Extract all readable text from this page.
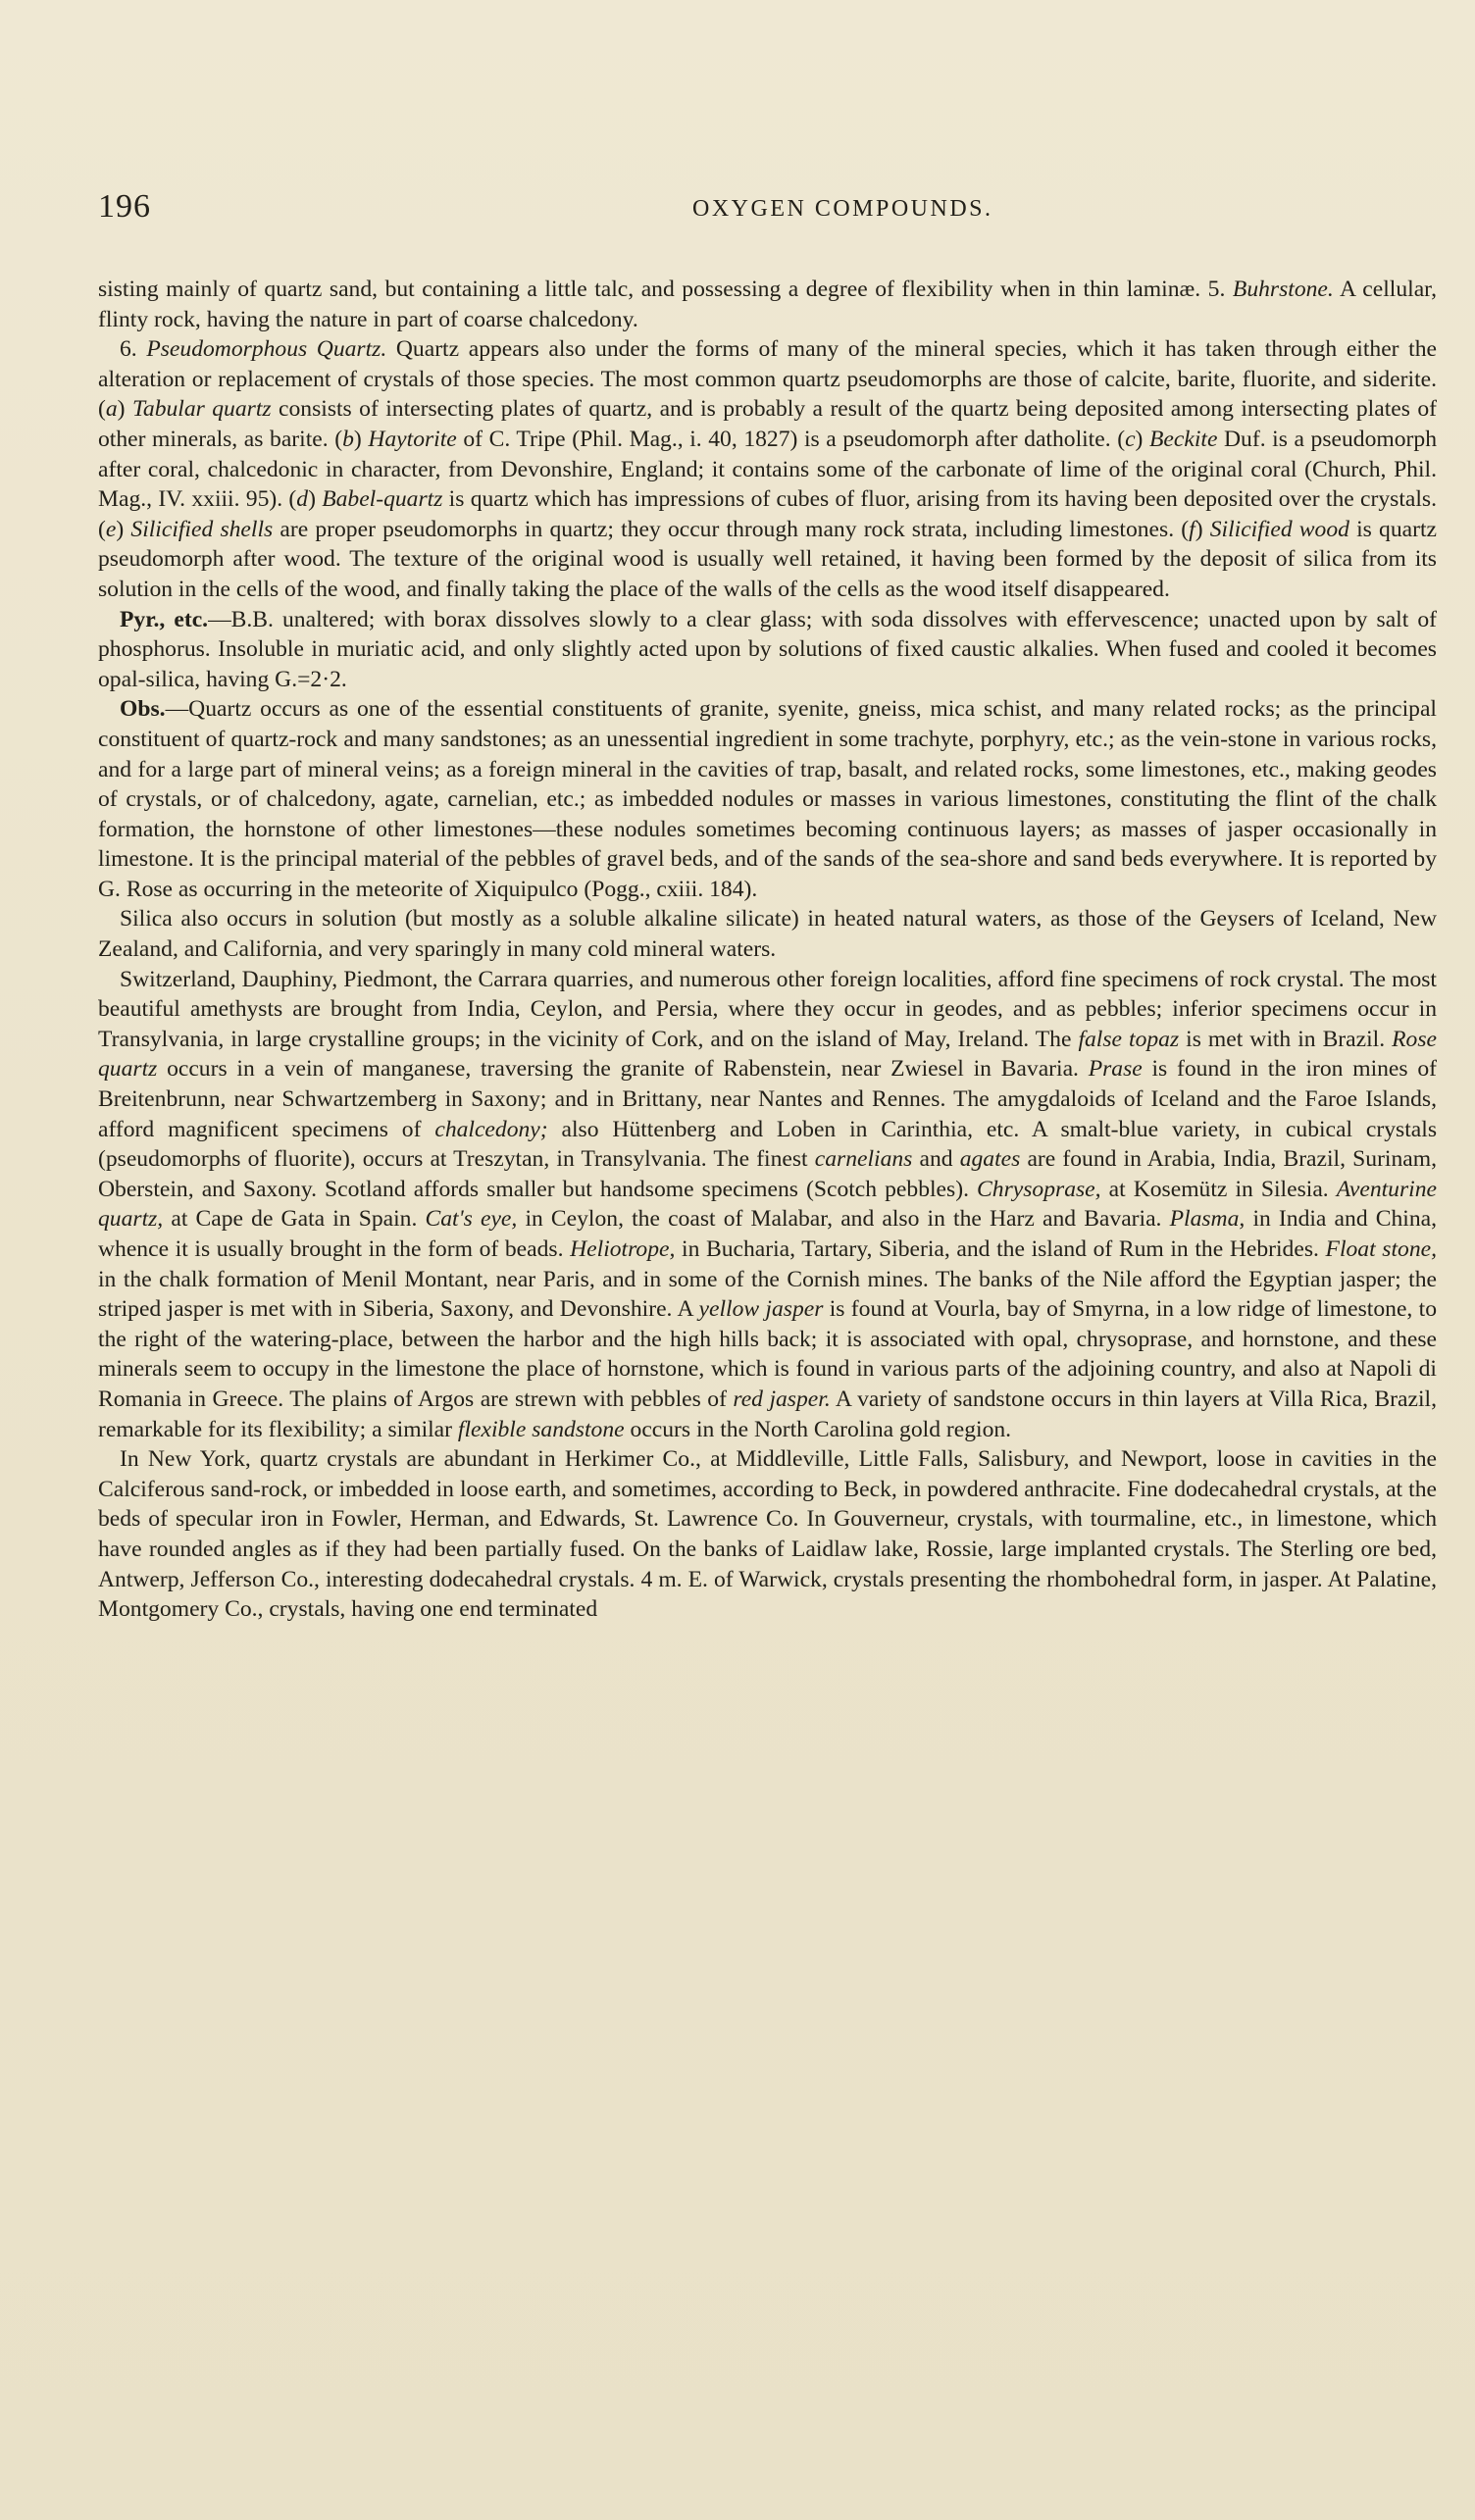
196	OXYGEN COMPOUNDS.

sisting mainly of quartz sand, but containing a little talc, and possessing a degree of flexibility when in thin laminæ. 5. Buhrstone. A cellular, flinty rock, having the nature in part of coarse chalcedony.

6. Pseudomorphous Quartz. Quartz appears also under the forms of many of the mineral species, which it has taken through either the alteration or replacement of crystals of those species. The most common quartz pseudomorphs are those of calcite, barite, fluorite, and siderite. (a) Tabular quartz consists of intersecting plates of quartz, and is probably a result of the quartz being deposited among intersecting plates of other minerals, as barite. (b) Haytorite of C. Tripe (Phil. Mag., i. 40, 1827) is a pseudomorph after datholite. (c) Beckite Duf. is a pseudomorph after coral, chalcedonic in character, from Devonshire, England; it contains some of the carbonate of lime of the original coral (Church, Phil. Mag., IV. xxiii. 95). (d) Babel-quartz is quartz which has impressions of cubes of fluor, arising from its having been deposited over the crystals. (e) Silicified shells are proper pseudomorphs in quartz; they occur through many rock strata, including limestones. (f) Silicified wood is quartz pseudomorph after wood. The texture of the original wood is usually well retained, it having been formed by the deposit of silica from its solution in the cells of the wood, and finally taking the place of the walls of the cells as the wood itself disappeared.

Pyr., etc.—B.B. unaltered; with borax dissolves slowly to a clear glass; with soda dissolves with effervescence; unacted upon by salt of phosphorus. Insoluble in muriatic acid, and only slightly acted upon by solutions of fixed caustic alkalies. When fused and cooled it becomes opal-silica, having G.=2·2.

Obs.—Quartz occurs as one of the essential constituents of granite, syenite, gneiss, mica schist, and many related rocks; as the principal constituent of quartz-rock and many sandstones; as an unessential ingredient in some trachyte, porphyry, etc.; as the vein-stone in various rocks, and for a large part of mineral veins; as a foreign mineral in the cavities of trap, basalt, and related rocks, some limestones, etc., making geodes of crystals, or of chalcedony, agate, carnelian, etc.; as imbedded nodules or masses in various limestones, constituting the flint of the chalk formation, the hornstone of other limestones—these nodules sometimes becoming continuous layers; as masses of jasper occasionally in limestone. It is the principal material of the pebbles of gravel beds, and of the sands of the sea-shore and sand beds everywhere. It is reported by G. Rose as occurring in the meteorite of Xiquipulco (Pogg., cxiii. 184).

Silica also occurs in solution (but mostly as a soluble alkaline silicate) in heated natural waters, as those of the Geysers of Iceland, New Zealand, and California, and very sparingly in many cold mineral waters.

Switzerland, Dauphiny, Piedmont, the Carrara quarries, and numerous other foreign localities, afford fine specimens of rock crystal. The most beautiful amethysts are brought from India, Ceylon, and Persia, where they occur in geodes, and as pebbles; inferior specimens occur in Transylvania, in large crystalline groups; in the vicinity of Cork, and on the island of May, Ireland. The false topaz is met with in Brazil. Rose quartz occurs in a vein of manganese, traversing the granite of Rabenstein, near Zwiesel in Bavaria. Prase is found in the iron mines of Breitenbrunn, near Schwartzemberg in Saxony; and in Brittany, near Nantes and Rennes. The amygdaloids of Iceland and the Faroe Islands, afford magnificent specimens of chalcedony; also Hüttenberg and Loben in Carinthia, etc. A smalt-blue variety, in cubical crystals (pseudomorphs of fluorite), occurs at Treszytan, in Transylvania. The finest carnelians and agates are found in Arabia, India, Brazil, Surinam, Oberstein, and Saxony. Scotland affords smaller but handsome specimens (Scotch pebbles). Chrysoprase, at Kosemütz in Silesia. Aventurine quartz, at Cape de Gata in Spain. Cat's eye, in Ceylon, the coast of Malabar, and also in the Harz and Bavaria. Plasma, in India and China, whence it is usually brought in the form of beads. Heliotrope, in Bucharia, Tartary, Siberia, and the island of Rum in the Hebrides. Float stone, in the chalk formation of Menil Montant, near Paris, and in some of the Cornish mines. The banks of the Nile afford the Egyptian jasper; the striped jasper is met with in Siberia, Saxony, and Devonshire. A yellow jasper is found at Vourla, bay of Smyrna, in a low ridge of limestone, to the right of the watering-place, between the harbor and the high hills back; it is associated with opal, chrysoprase, and hornstone, and these minerals seem to occupy in the limestone the place of hornstone, which is found in various parts of the adjoining country, and also at Napoli di Romania in Greece. The plains of Argos are strewn with pebbles of red jasper. A variety of sandstone occurs in thin layers at Villa Rica, Brazil, remarkable for its flexibility; a similar flexible sandstone occurs in the North Carolina gold region.

In New York, quartz crystals are abundant in Herkimer Co., at Middleville, Little Falls, Salisbury, and Newport, loose in cavities in the Calciferous sand-rock, or imbedded in loose earth, and sometimes, according to Beck, in powdered anthracite. Fine dodecahedral crystals, at the beds of specular iron in Fowler, Herman, and Edwards, St. Lawrence Co. In Gouverneur, crystals, with tourmaline, etc., in limestone, which have rounded angles as if they had been partially fused. On the banks of Laidlaw lake, Rossie, large implanted crystals. The Sterling ore bed, Antwerp, Jefferson Co., interesting dodecahedral crystals. 4 m. E. of Warwick, crystals presenting the rhombohedral form, in jasper. At Palatine, Montgomery Co., crystals, having one end terminated
